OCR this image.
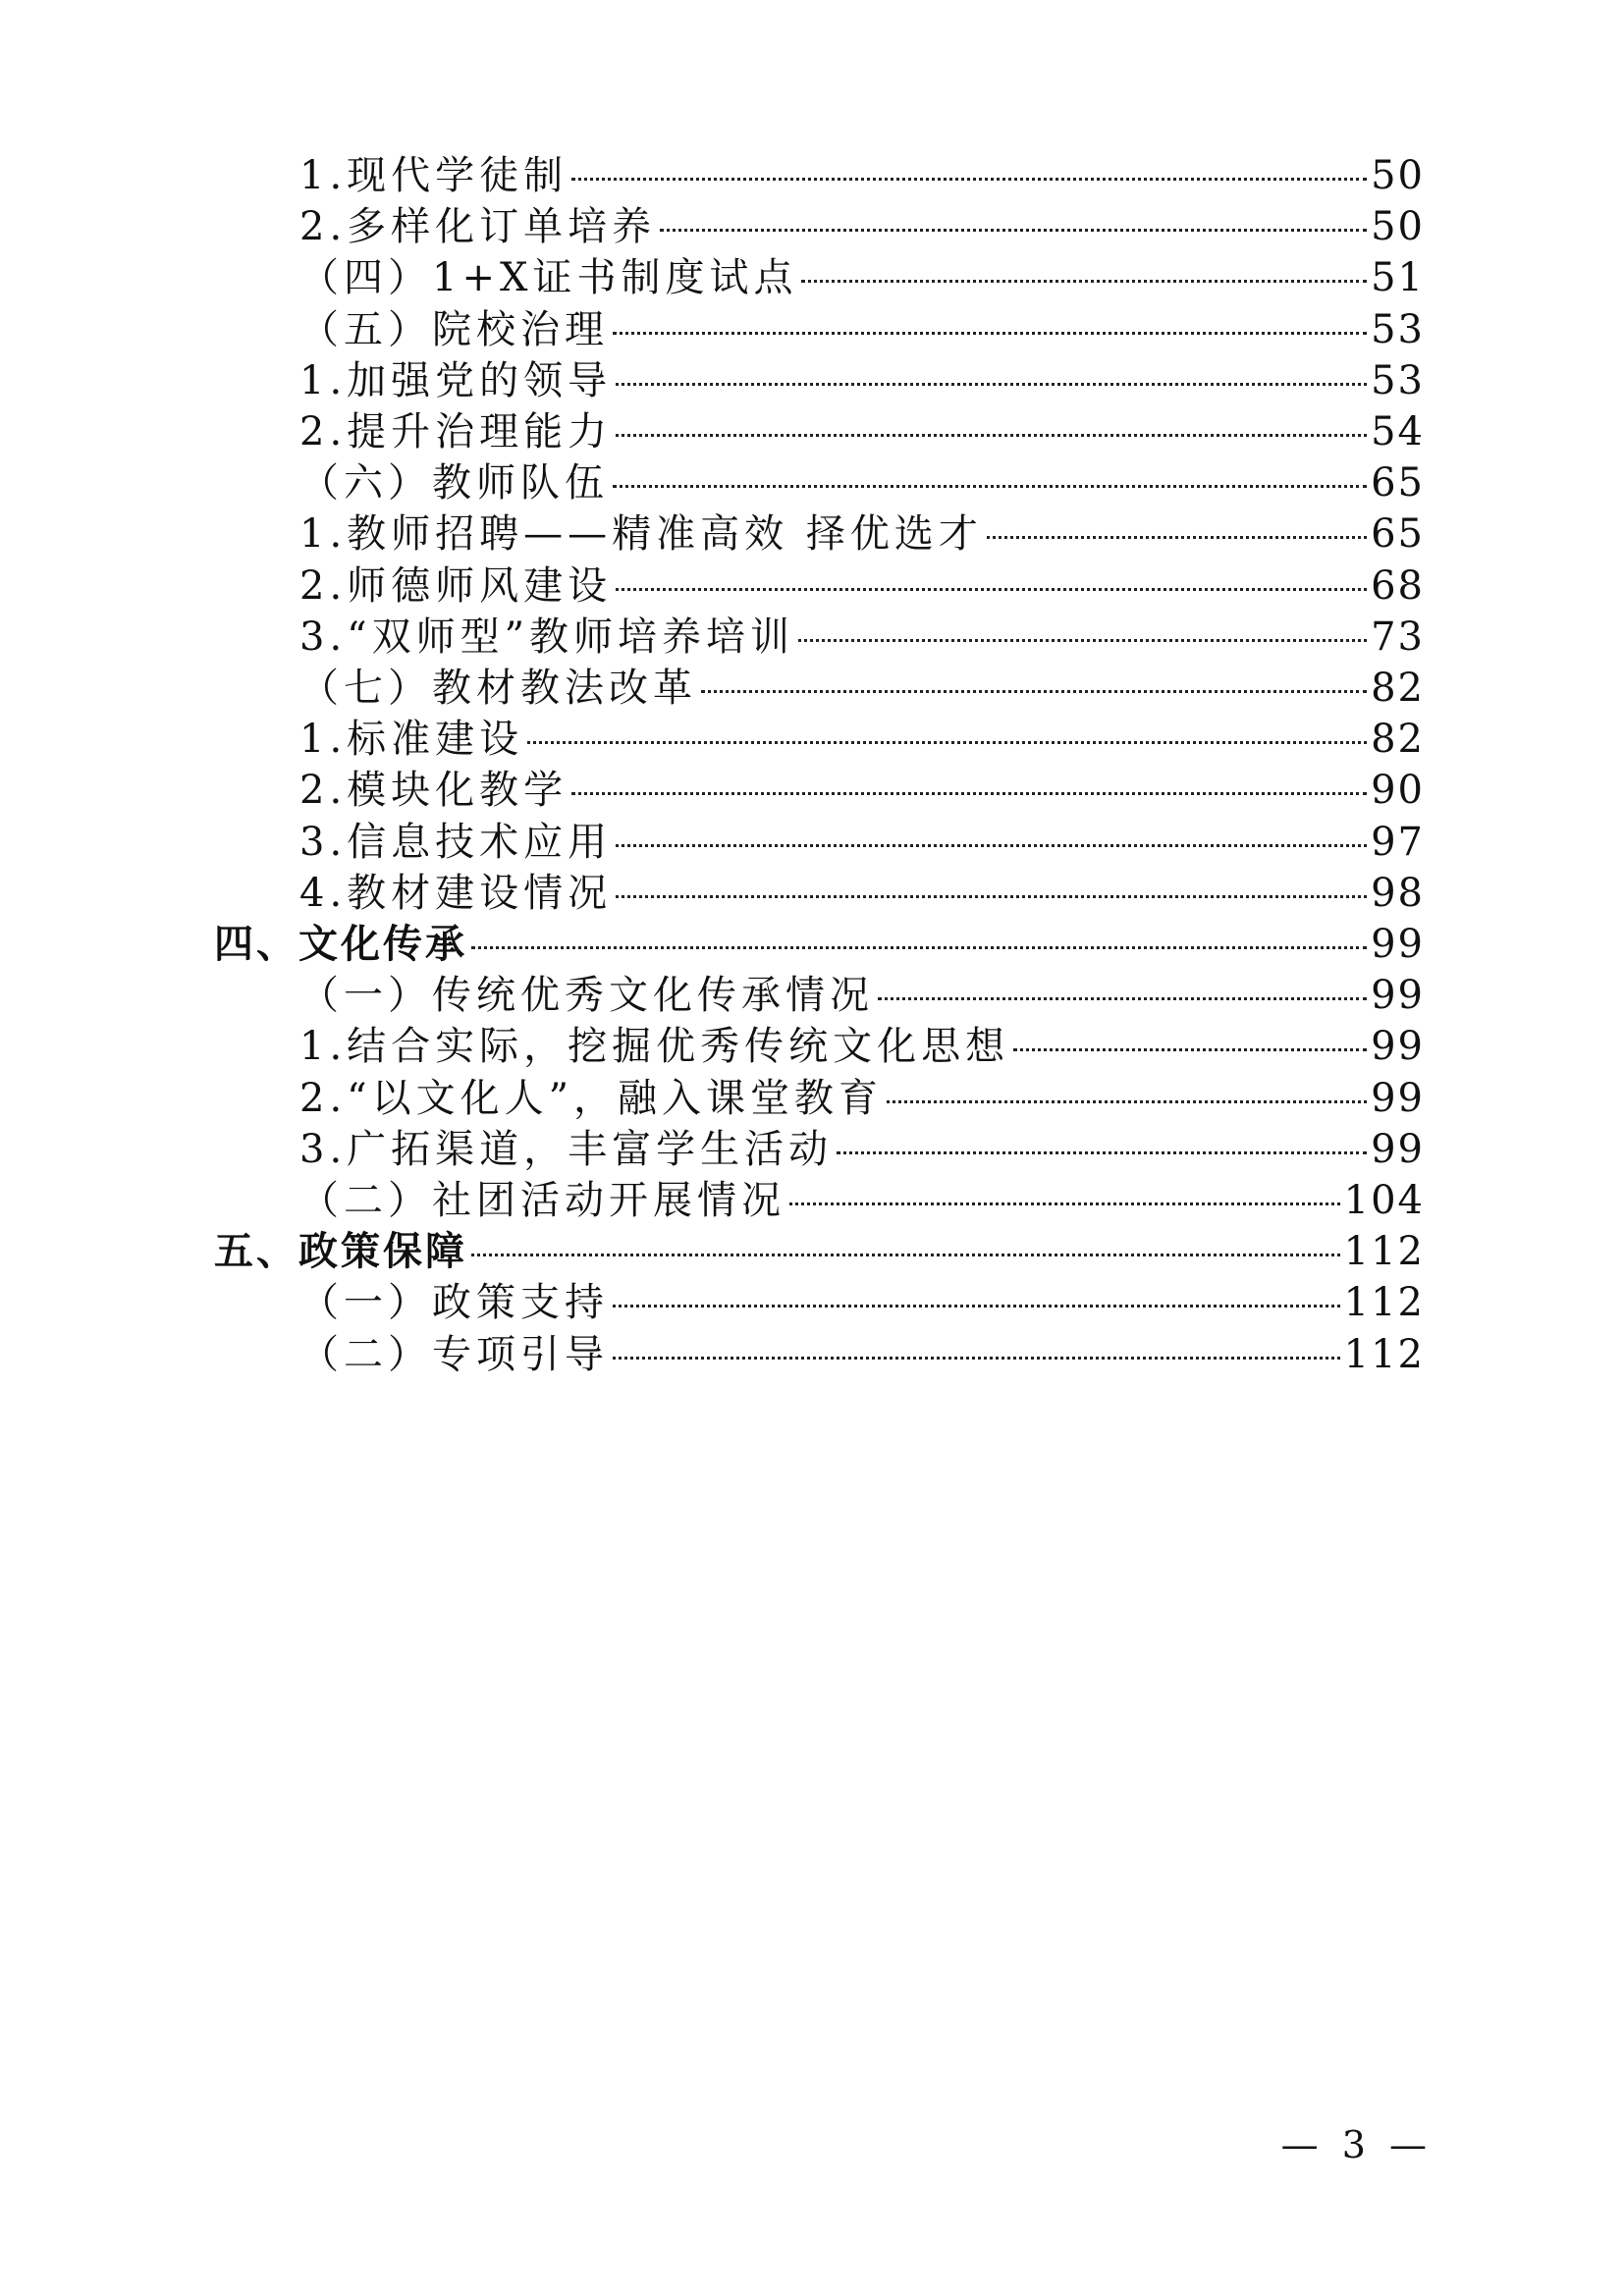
1.现代学徒制	50
2.多样化订单培养	50
（四）1+X证书制度试点	51
（五）院校治理	53
1.加强党的领导	53
2.提升治理能力	54
（六）教师队伍	65
1.教师招聘——精准高效 择优选才	65
2.师德师风建设	68
3.“双师型”教师培养培训	73
（七）教材教法改革	82
1.标准建设	82
2.模块化教学	90
3.信息技术应用	97
4.教材建设情况	98
四、文化传承	99
（一）传统优秀文化传承情况	99
1.结合实际，挖掘优秀传统文化思想	99
2.“以文化人”，融入课堂教育	99
3.广拓渠道，丰富学生活动	99
（二）社团活动开展情况	104
五、政策保障	112
（一）政策支持	112
（二）专项引导	112
— 3 —
